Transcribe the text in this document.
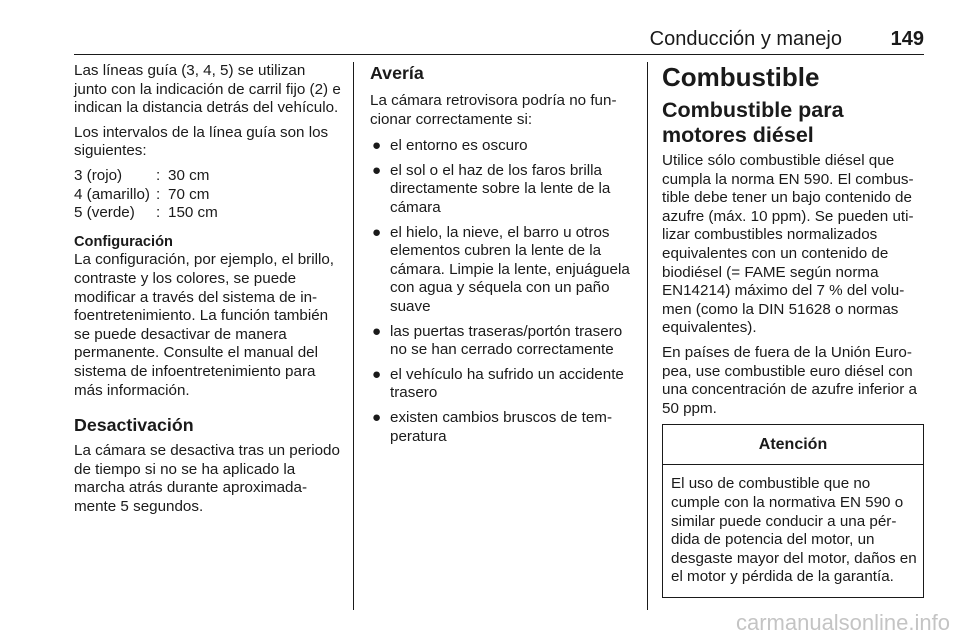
Conducción y manejo 149

Las líneas guía (3, 4, 5) se utilizan junto con la indicación de carril fijo (2) e indican la distancia detrás del vehículo.

Los intervalos de la línea guía son los siguientes:

3 (rojo)	: 30 cm
4 (amarillo) : 70 cm
5 (verde)	: 150 cm

Configuración

La configuración, por ejemplo, el brillo, contraste y los colores, se puede modificar a través del sistema de infoentretenimiento. La función también se puede desactivar de manera permanente. Consulte el manual del sistema de infoentretenimiento para más información.

Desactivación

La cámara se desactiva tras un periodo de tiempo si no se ha aplicado la marcha atrás durante aproximadamente 5 segundos.

Avería

La cámara retrovisora podría no funcionar correctamente si:

● el entorno es oscuro
● el sol o el haz de los faros brilla directamente sobre la lente de la cámara
● el hielo, la nieve, el barro u otros elementos cubren la lente de la cámara. Limpie la lente, enjuáguela con agua y séquela con un paño suave
● las puertas traseras/portón trasero no se han cerrado correctamente
● el vehículo ha sufrido un accidente trasero
● existen cambios bruscos de temperatura

Combustible

Combustible para motores diésel

Utilice sólo combustible diésel que cumpla la norma EN 590. El combustible debe tener un bajo contenido de azufre (máx. 10 ppm). Se pueden utilizar combustibles normalizados equivalentes con un contenido de biodiésel (= FAME según norma EN14214) máximo del 7 % del volumen (como la DIN 51628 o normas equivalentes).

En países de fuera de la Unión Europea, use combustible euro diésel con una concentración de azufre inferior a 50 ppm.

Atención

El uso de combustible que no cumple con la normativa EN 590 o similar puede conducir a una pérdida de potencia del motor, un desgaste mayor del motor, daños en el motor y pérdida de la garantía.

carmanualsonline.info
